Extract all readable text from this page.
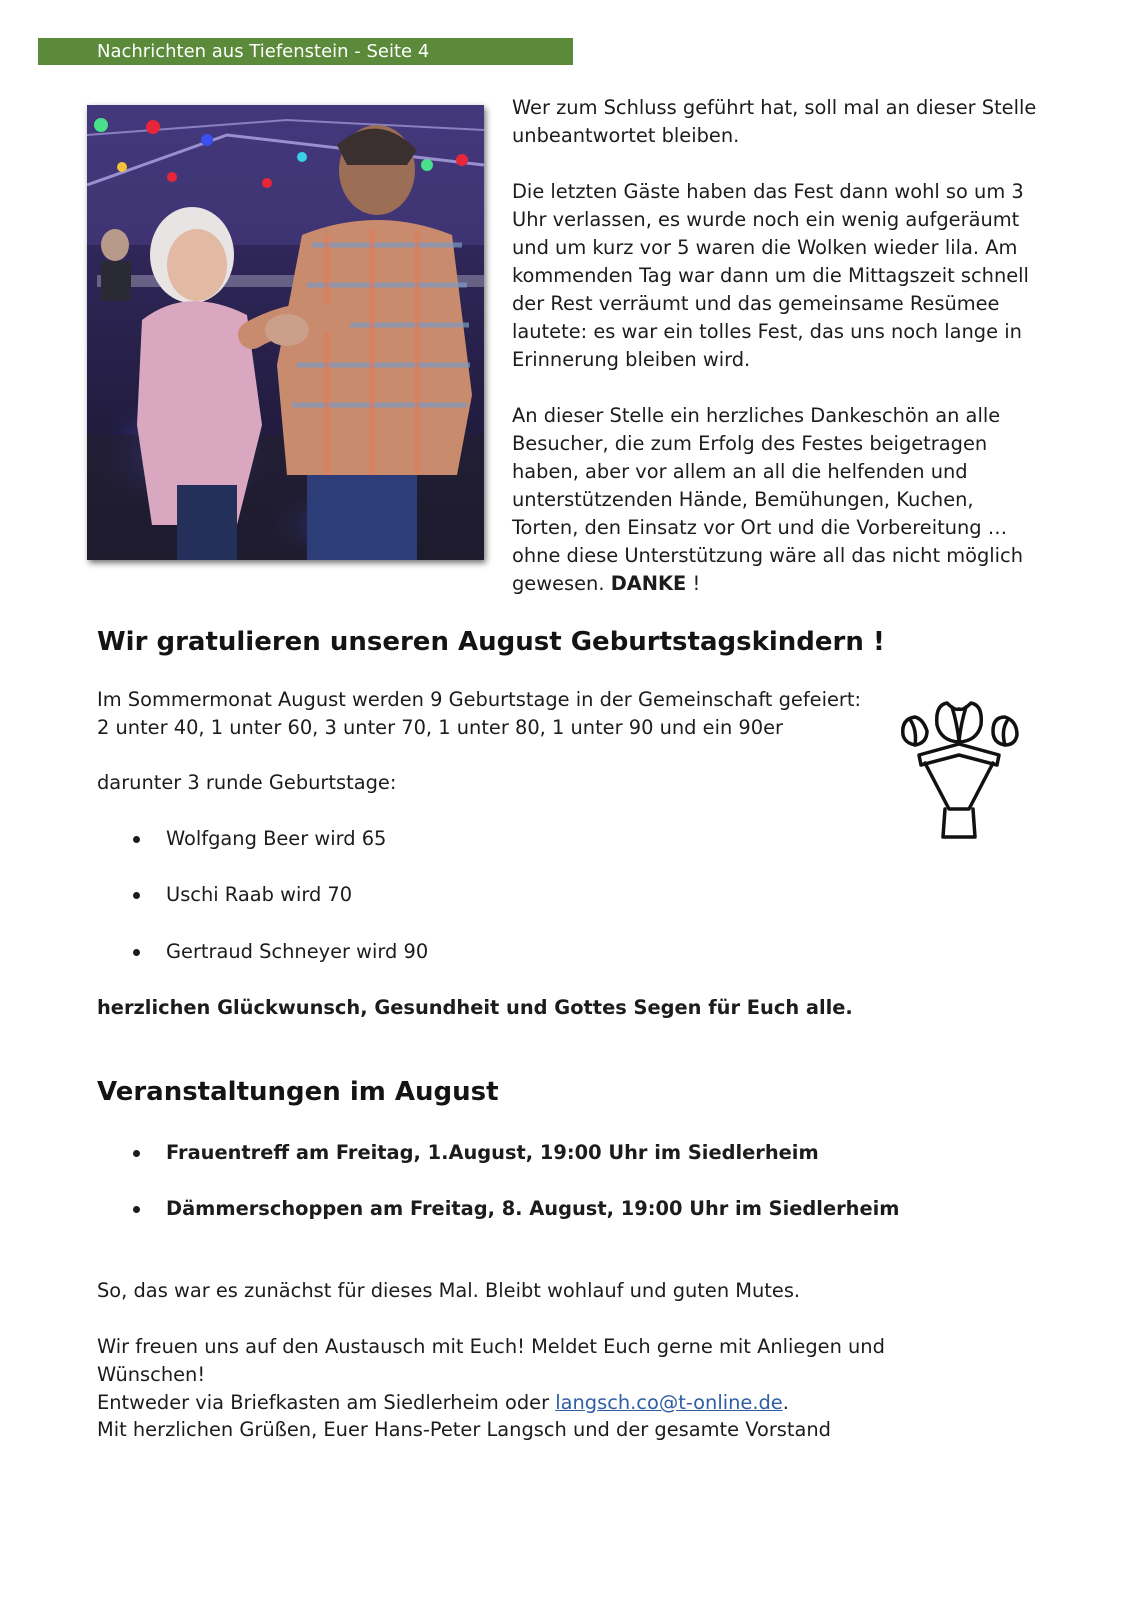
Nachrichten aus Tiefenstein - Seite 4

Wer zum Schluss geführt hat, soll mal an dieser Stelle unbeantwortet bleiben.

Die letzten Gäste haben das Fest dann wohl so um 3 Uhr verlassen, es wurde noch ein wenig aufgeräumt und um kurz vor 5 waren die Wolken wieder lila. Am kommenden Tag war dann um die Mittagszeit schnell der Rest verräumt und das gemeinsame Resümee lautete: es war ein tolles Fest, das uns noch lange in Erinnerung bleiben wird.

An dieser Stelle ein herzliches Dankeschön an alle Besucher, die zum Erfolg des Festes beigetragen haben, aber vor allem an all die helfenden und unterstützenden Hände, Bemühungen, Kuchen, Torten, den Einsatz vor Ort und die Vorbereitung … ohne diese Unterstützung wäre all das nicht möglich gewesen. DANKE !

Wir gratulieren unseren August Geburtstagskindern !

Im Sommermonat August werden 9 Geburtstage in der Gemeinschaft gefeiert:

2 unter 40, 1 unter 60, 3 unter 70, 1 unter 80, 1 unter 90 und ein 90er

darunter 3 runde Geburtstage:

Wolfgang Beer wird 65
Uschi Raab wird 70
Gertraud Schneyer wird 90

herzlichen Glückwunsch, Gesundheit und Gottes Segen für Euch alle.

Veranstaltungen im August
Frauentreff am Freitag, 1.August, 19:00 Uhr im Siedlerheim
Dämmerschoppen am Freitag, 8. August, 19:00 Uhr im Siedlerheim

So, das war es zunächst für dieses Mal. Bleibt wohlauf und guten Mutes.

Wir freuen uns auf den Austausch mit Euch! Meldet Euch gerne mit Anliegen und Wünschen!

Entweder via Briefkasten am Siedlerheim oder langsch.co@t-online.de.

Mit herzlichen Grüßen, Euer Hans-Peter Langsch und der gesamte Vorstand
